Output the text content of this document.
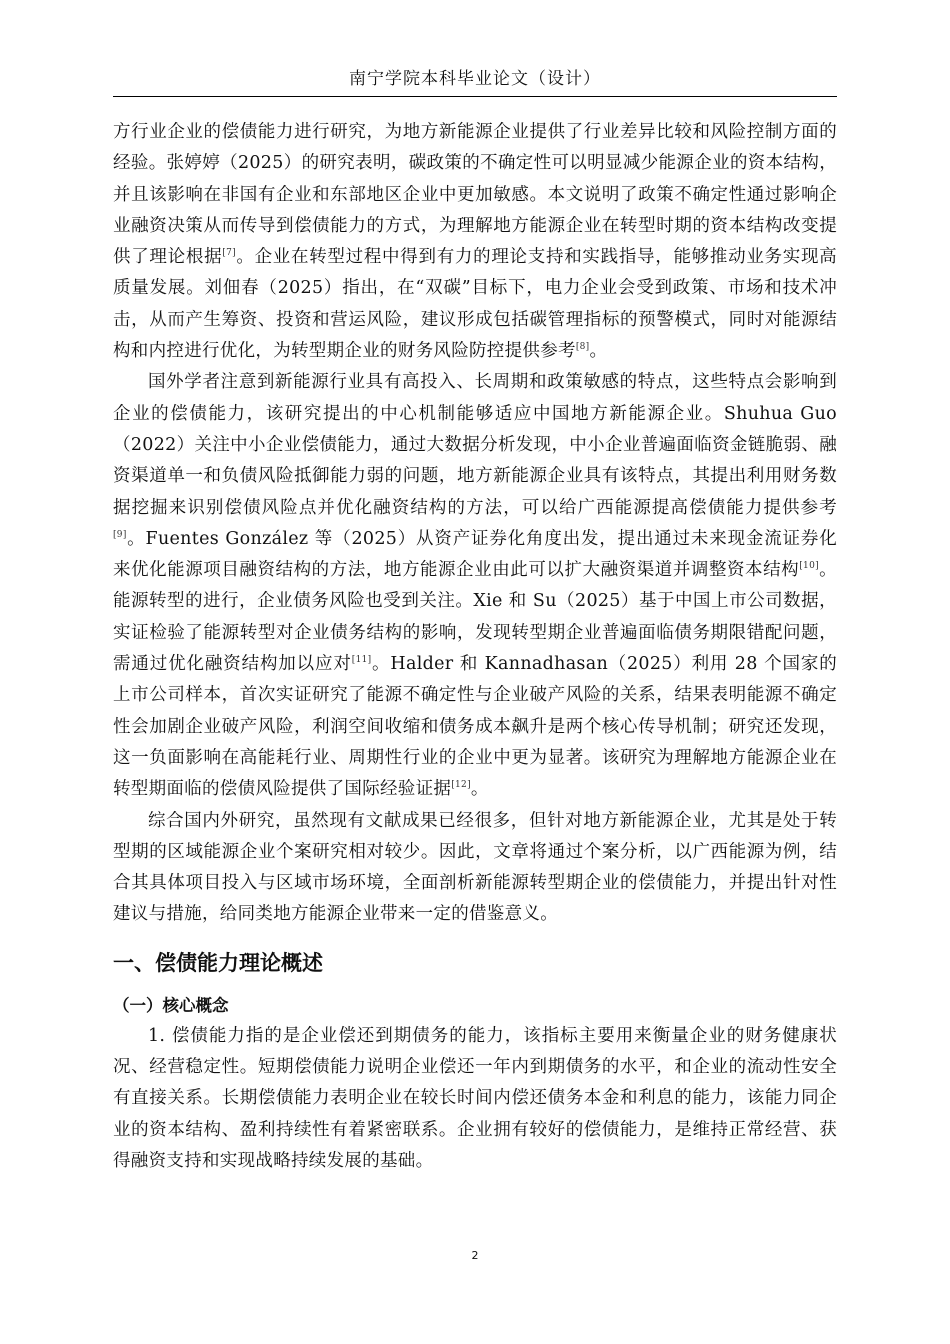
南宁学院本科毕业论文（设计）

方行业企业的偿债能力进行研究，为地方新能源企业提供了行业差异比较和风险控制方面的经验。张婷婷（2025）的研究表明，碳政策的不确定性可以明显减少能源企业的资本结构，并且该影响在非国有企业和东部地区企业中更加敏感。本文说明了政策不确定性通过影响企业融资决策从而传导到偿债能力的方式，为理解地方能源企业在转型时期的资本结构改变提供了理论根据[7]。企业在转型过程中得到有力的理论支持和实践指导，能够推动业务实现高质量发展。刘佃春（2025）指出，在“双碳”目标下，电力企业会受到政策、市场和技术冲击，从而产生筹资、投资和营运风险，建议形成包括碳管理指标的预警模式，同时对能源结构和内控进行优化，为转型期企业的财务风险防控提供参考[8]。

国外学者注意到新能源行业具有高投入、长周期和政策敏感的特点，这些特点会影响到企业的偿债能力，该研究提出的中心机制能够适应中国地方新能源企业。Shuhua Guo（2022）关注中小企业偿债能力，通过大数据分析发现，中小企业普遍面临资金链脆弱、融资渠道单一和负债风险抵御能力弱的问题，地方新能源企业具有该特点，其提出利用财务数据挖掘来识别偿债风险点并优化融资结构的方法，可以给广西能源提高偿债能力提供参考[9]。Fuentes González 等（2025）从资产证券化角度出发，提出通过未来现金流证券化来优化能源项目融资结构的方法，地方能源企业由此可以扩大融资渠道并调整资本结构[10]。能源转型的进行，企业债务风险也受到关注。Xie 和 Su（2025）基于中国上市公司数据，实证检验了能源转型对企业债务结构的影响，发现转型期企业普遍面临债务期限错配问题，需通过优化融资结构加以应对[11]。Halder 和 Kannadhasan（2025）利用 28 个国家的上市公司样本，首次实证研究了能源不确定性与企业破产风险的关系，结果表明能源不确定性会加剧企业破产风险，利润空间收缩和债务成本飙升是两个核心传导机制；研究还发现，这一负面影响在高能耗行业、周期性行业的企业中更为显著。该研究为理解地方能源企业在转型期面临的偿债风险提供了国际经验证据[12]。

综合国内外研究，虽然现有文献成果已经很多，但针对地方新能源企业，尤其是处于转型期的区域能源企业个案研究相对较少。因此，文章将通过个案分析，以广西能源为例，结合其具体项目投入与区域市场环境，全面剖析新能源转型期企业的偿债能力，并提出针对性建议与措施，给同类地方能源企业带来一定的借鉴意义。

一、偿债能力理论概述
（一）核心概念

1. 偿债能力指的是企业偿还到期债务的能力，该指标主要用来衡量企业的财务健康状况、经营稳定性。短期偿债能力说明企业偿还一年内到期债务的水平，和企业的流动性安全有直接关系。长期偿债能力表明企业在较长时间内偿还债务本金和利息的能力，该能力同企业的资本结构、盈利持续性有着紧密联系。企业拥有较好的偿债能力，是维持正常经营、获得融资支持和实现战略持续发展的基础。

2
